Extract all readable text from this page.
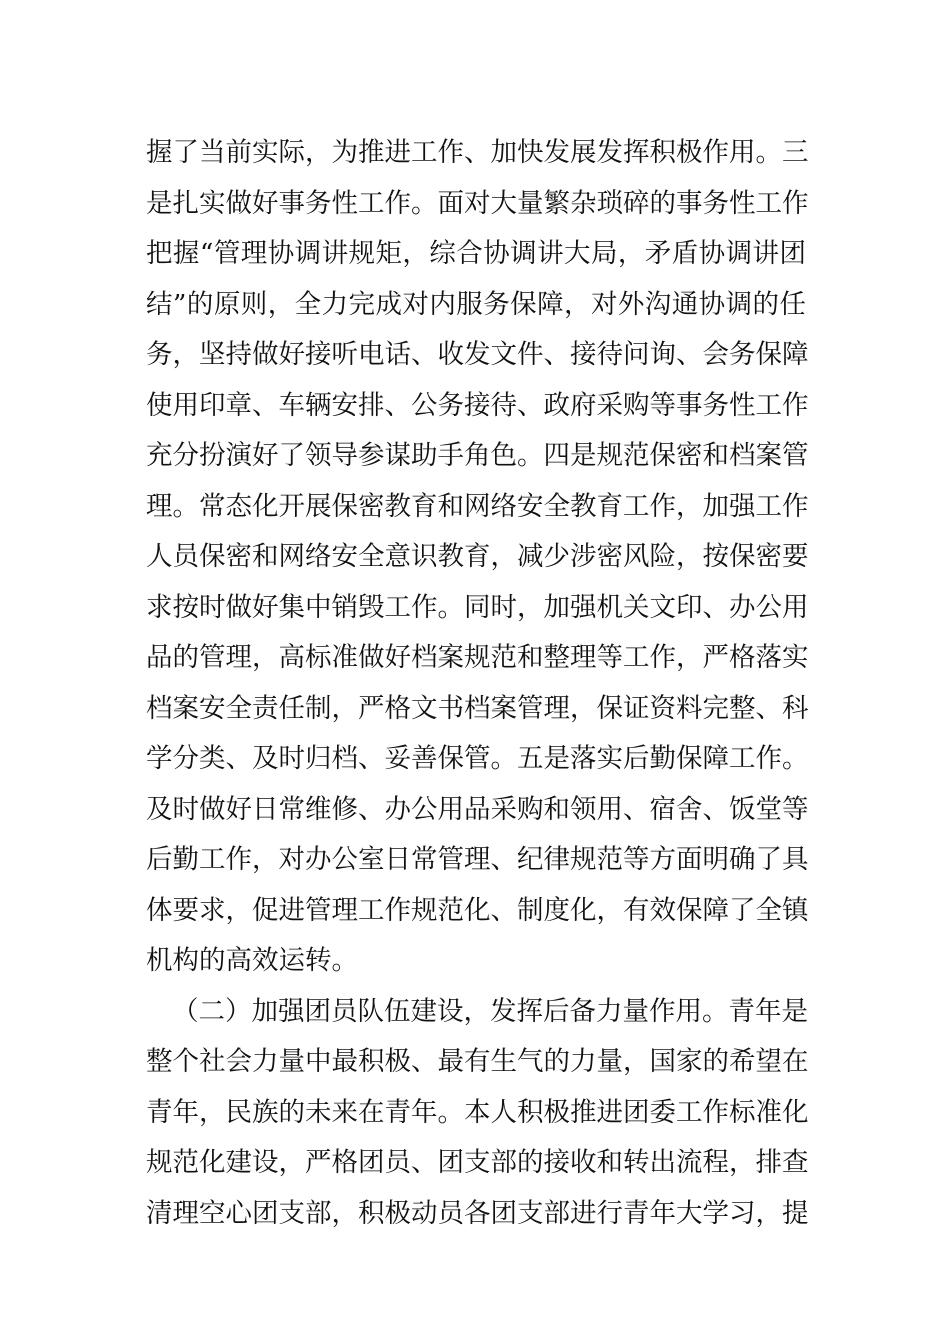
握了当前实际，为推进工作、加快发展发挥积极作用。三
是扎实做好事务性工作。面对大量繁杂琐碎的事务性工作
把握“管理协调讲规矩，综合协调讲大局，矛盾协调讲团
结”的原则，全力完成对内服务保障，对外沟通协调的任
务，坚持做好接听电话、收发文件、接待问询、会务保障
使用印章、车辆安排、公务接待、政府采购等事务性工作
充分扮演好了领导参谋助手角色。四是规范保密和档案管
理。常态化开展保密教育和网络安全教育工作，加强工作
人员保密和网络安全意识教育，减少涉密风险，按保密要
求按时做好集中销毁工作。同时，加强机关文印、办公用
品的管理，高标准做好档案规范和整理等工作，严格落实
档案安全责任制，严格文书档案管理，保证资料完整、科
学分类、及时归档、妥善保管。五是落实后勤保障工作。
及时做好日常维修、办公用品采购和领用、宿舍、饭堂等
后勤工作，对办公室日常管理、纪律规范等方面明确了具
体要求，促进管理工作规范化、制度化，有效保障了全镇
机构的高效运转。
（二）加强团员队伍建设，发挥后备力量作用。青年是
整个社会力量中最积极、最有生气的力量，国家的希望在
青年，民族的未来在青年。本人积极推进团委工作标准化
规范化建设，严格团员、团支部的接收和转出流程，排查
清理空心团支部，积极动员各团支部进行青年大学习，提
